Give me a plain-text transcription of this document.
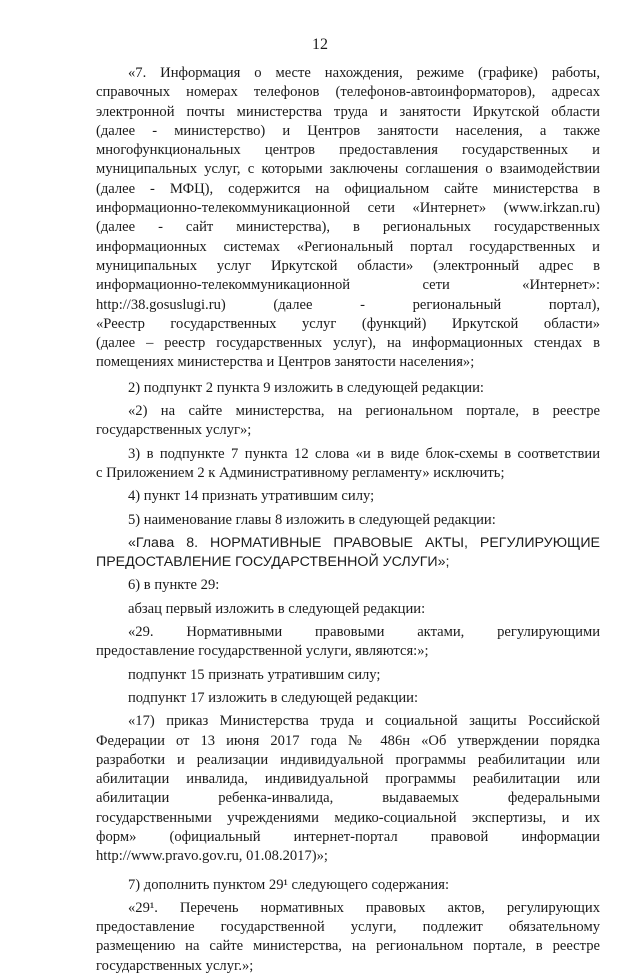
12
«7. Информация о месте нахождения, режиме (графике) работы,
справочных номерах телефонов (телефонов-автоинформаторов), адресах
электронной почты министерства труда и занятости Иркутской области
(далее - министерство) и Центров занятости населения, а также
многофункциональных центров предоставления государственных и
муниципальных услуг, с которыми заключены соглашения о взаимодействии
(далее - МФЦ), содержится на официальном сайте министерства в
информационно-телекоммуникационной сети «Интернет» (www.irkzan.ru)
(далее - сайт министерства), в региональных государственных
информационных системах «Региональный портал государственных и
муниципальных услуг Иркутской области» (электронный адрес в
информационно-телекоммуникационной сети «Интернет»:
http://38.gosuslugi.ru) (далее - региональный портал),
«Реестр государственных услуг (функций) Иркутской области»
(далее – реестр государственных услуг), на информационных стендах в
помещениях министерства и Центров занятости населения»;
2) подпункт 2 пункта 9 изложить в следующей редакции:
«2) на сайте министерства, на региональном портале, в реестре
государственных услуг»;
3) в подпункте 7 пункта 12 слова «и в виде блок-схемы в соответствии
с Приложением 2 к Административному регламенту» исключить;
4) пункт 14 признать утратившим силу;
5) наименование главы 8 изложить в следующей редакции:
«Глава 8. НОРМАТИВНЫЕ ПРАВОВЫЕ АКТЫ, РЕГУЛИРУЮЩИЕ
ПРЕДОСТАВЛЕНИЕ ГОСУДАРСТВЕННОЙ УСЛУГИ»;
6) в пункте 29:
абзац первый изложить в следующей редакции:
«29. Нормативными правовыми актами, регулирующими
предоставление государственной услуги, являются:»;
подпункт 15 признать утратившим силу;
подпункт 17 изложить в следующей редакции:
«17) приказ Министерства труда и социальной защиты Российской
Федерации от 13 июня 2017 года № 486н «Об утверждении порядка
разработки и реализации индивидуальной программы реабилитации или
абилитации инвалида, индивидуальной программы реабилитации или
абилитации ребенка-инвалида, выдаваемых федеральными
государственными учреждениями медико-социальной экспертизы, и их
форм» (официальный интернет-портал правовой информации
http://www.pravo.gov.ru, 01.08.2017)»;
7) дополнить пунктом 29¹ следующего содержания:
«29¹. Перечень нормативных правовых актов, регулирующих
предоставление государственной услуги, подлежит обязательному
размещению на сайте министерства, на региональном портале, в реестре
государственных услуг.»;
